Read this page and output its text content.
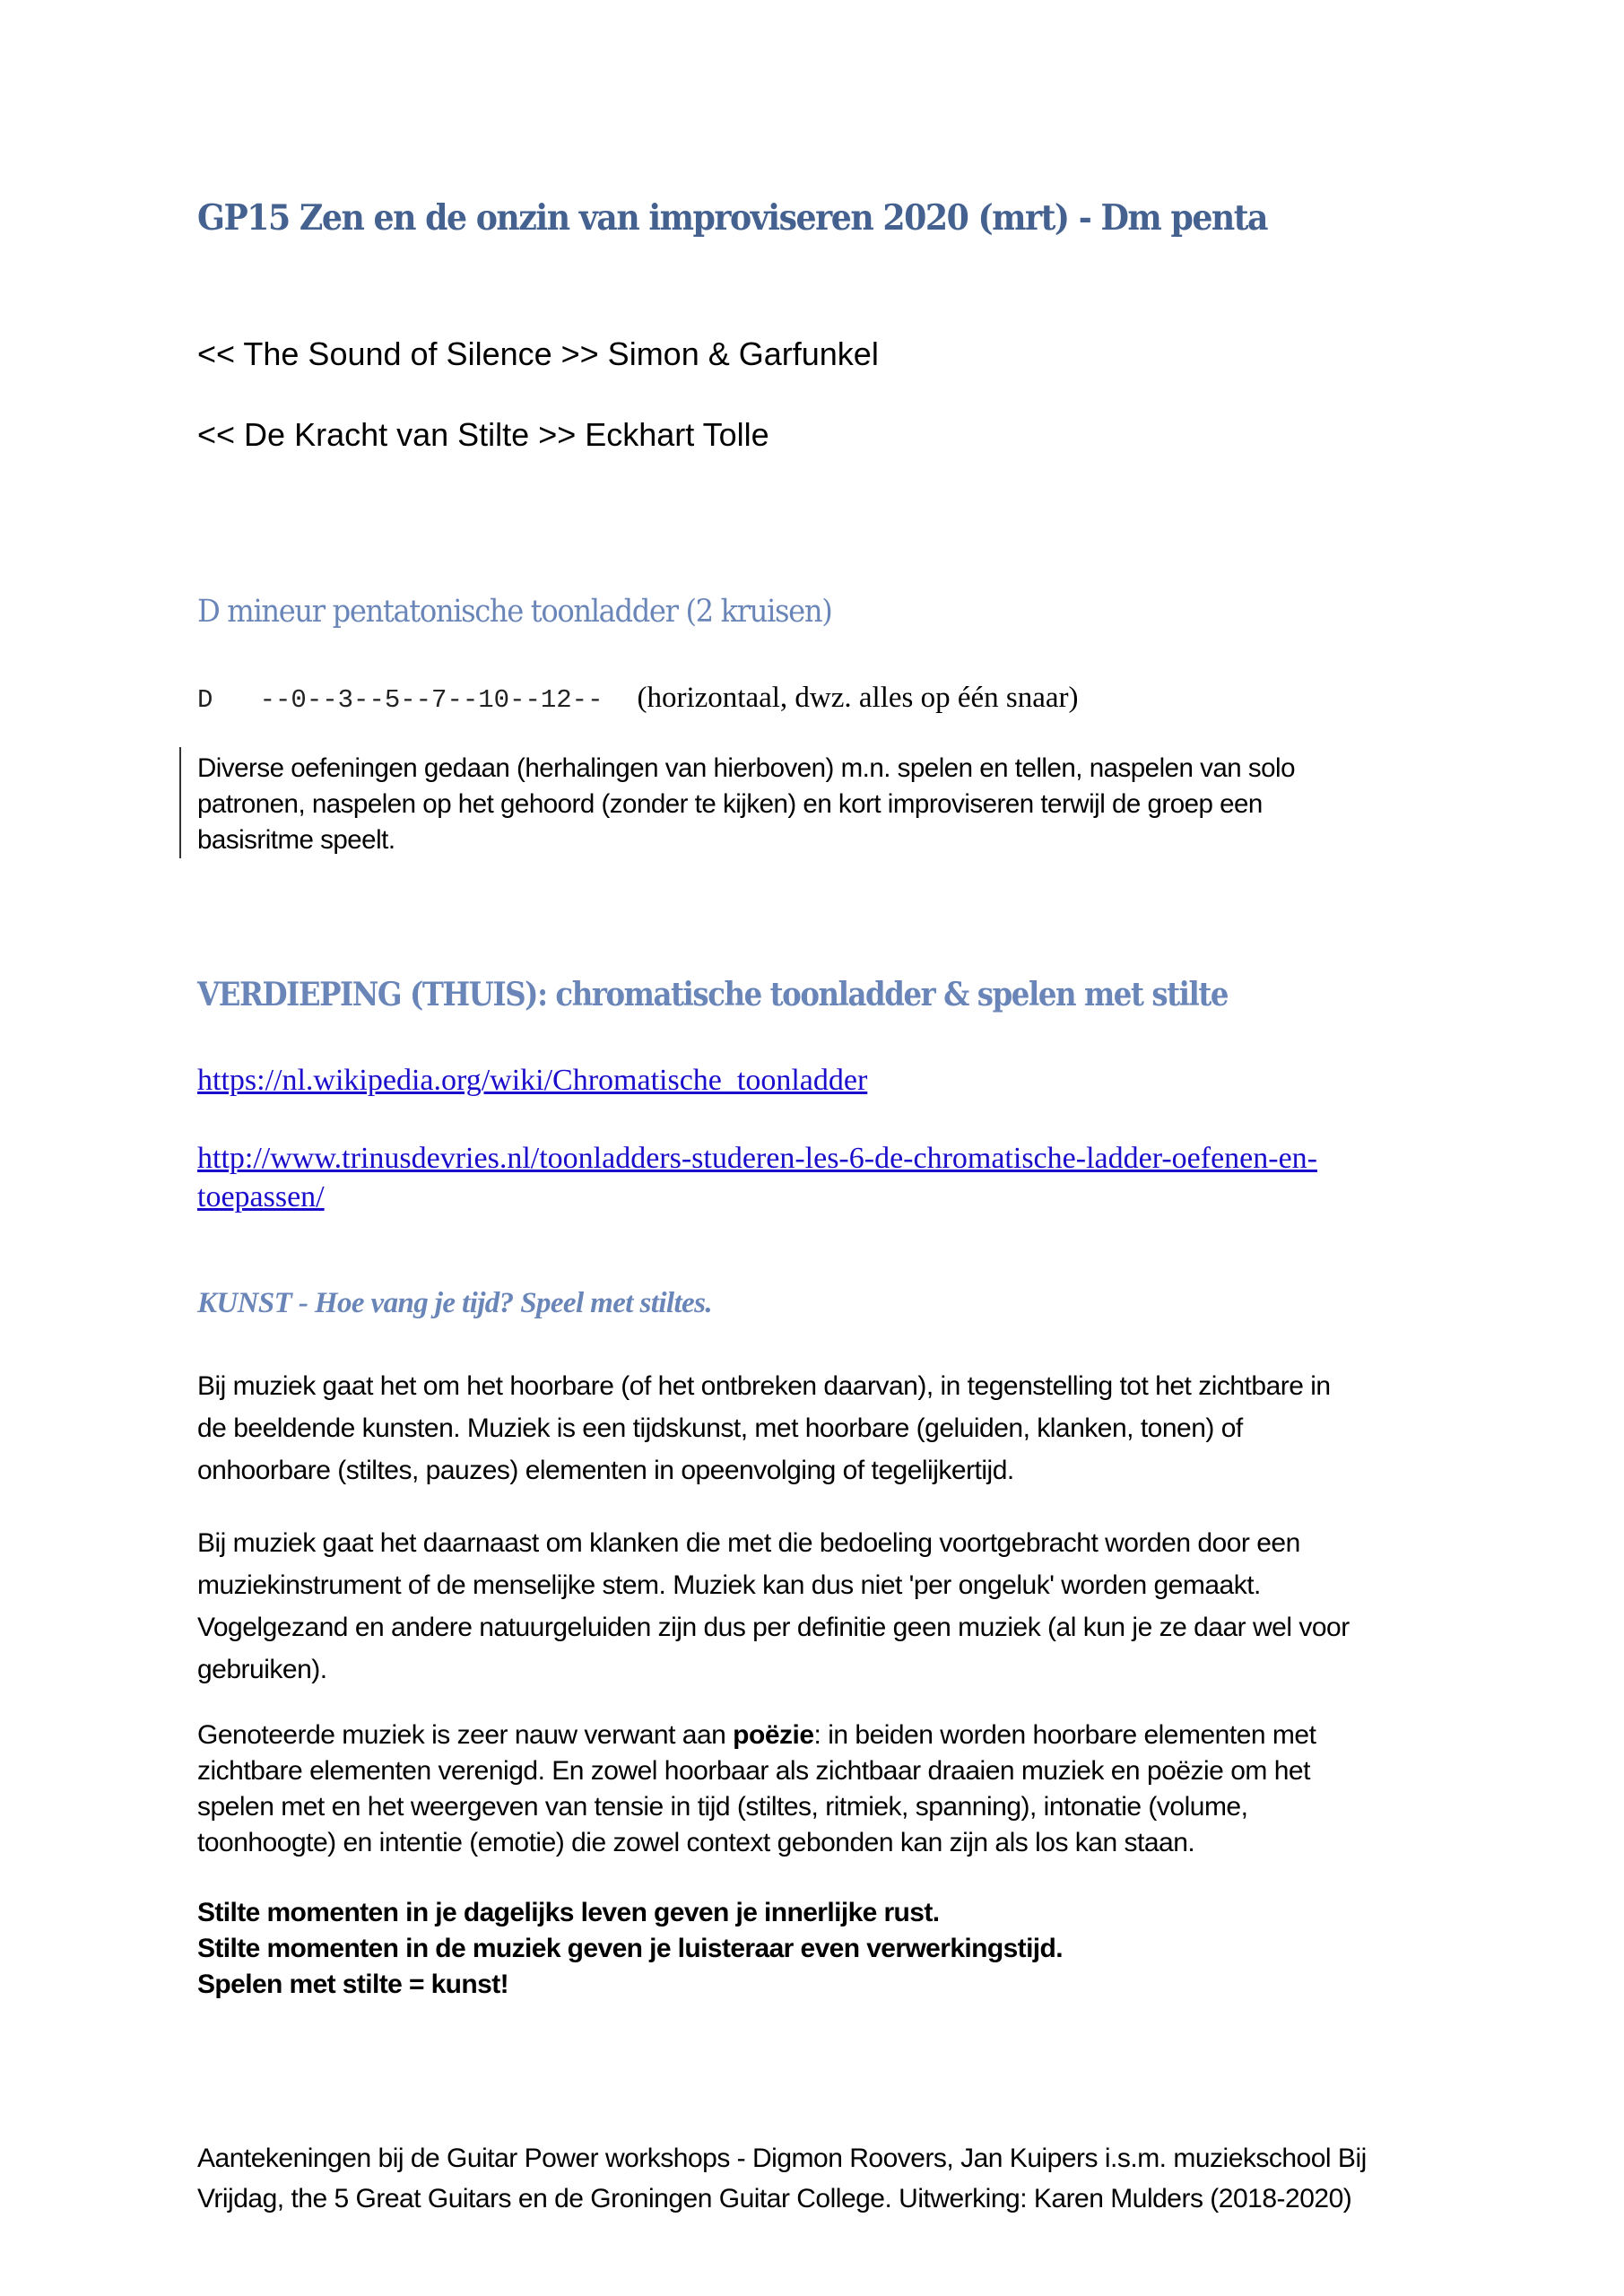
GP15 Zen en de onzin van improviseren 2020 (mrt) - Dm penta
<< The Sound of Silence >> Simon & Garfunkel
<< De Kracht van Stilte >> Eckhart Tolle
D mineur pentatonische toonladder (2 kruisen)
D --0--3--5--7--10--12-- (horizontaal, dwz. alles op één snaar)
Diverse oefeningen gedaan (herhalingen van hierboven) m.n. spelen en tellen, naspelen van solo
patronen, naspelen op het gehoord (zonder te kijken) en kort improviseren terwijl de groep een
basisritme speelt.
VERDIEPING (THUIS): chromatische toonladder & spelen met stilte
https://nl.wikipedia.org/wiki/Chromatische_toonladder
http://www.trinusdevries.nl/toonladders-studeren-les-6-de-chromatische-ladder-oefenen-en-
toepassen/
KUNST - Hoe vang je tijd? Speel met stiltes.
Bij muziek gaat het om het hoorbare (of het ontbreken daarvan), in tegenstelling tot het zichtbare in
de beeldende kunsten. Muziek is een tijdskunst, met hoorbare (geluiden, klanken, tonen) of
onhoorbare (stiltes, pauzes) elementen in opeenvolging of tegelijkertijd.
Bij muziek gaat het daarnaast om klanken die met die bedoeling voortgebracht worden door een
muziekinstrument of de menselijke stem. Muziek kan dus niet 'per ongeluk' worden gemaakt.
Vogelgezand en andere natuurgeluiden zijn dus per definitie geen muziek (al kun je ze daar wel voor
gebruiken).
Genoteerde muziek is zeer nauw verwant aan poëzie: in beiden worden hoorbare elementen met
zichtbare elementen verenigd. En zowel hoorbaar als zichtbaar draaien muziek en poëzie om het
spelen met en het weergeven van tensie in tijd (stiltes, ritmiek, spanning), intonatie (volume,
toonhoogte) en intentie (emotie) die zowel context gebonden kan zijn als los kan staan.
Stilte momenten in je dagelijks leven geven je innerlijke rust.
Stilte momenten in de muziek geven je luisteraar even verwerkingstijd.
Spelen met stilte = kunst!
Aantekeningen bij de Guitar Power workshops - Digmon Roovers, Jan Kuipers i.s.m. muziekschool Bij
Vrijdag, the 5 Great Guitars en de Groningen Guitar College. Uitwerking: Karen Mulders (2018-2020)
